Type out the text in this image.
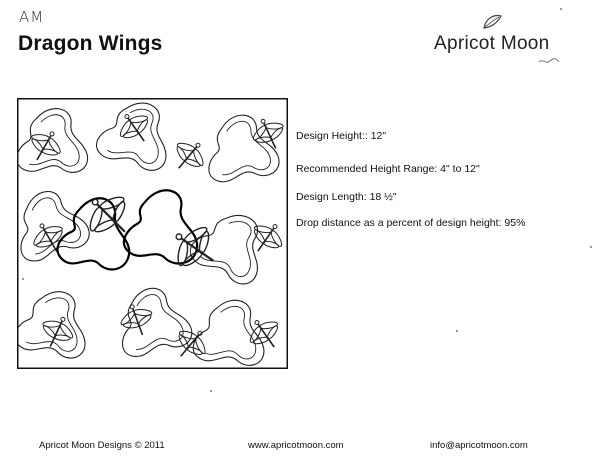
AM
Dragon Wings	Apricot Moon
Design Height:: 12"
Recommended Height Range: 4" to 12"
Design Length: 18 ½"
Drop distance as a percent of design height: 95%
Apricot Moon Designs © 2011	www.apricotmoon.com	info@apricotmoon.com
